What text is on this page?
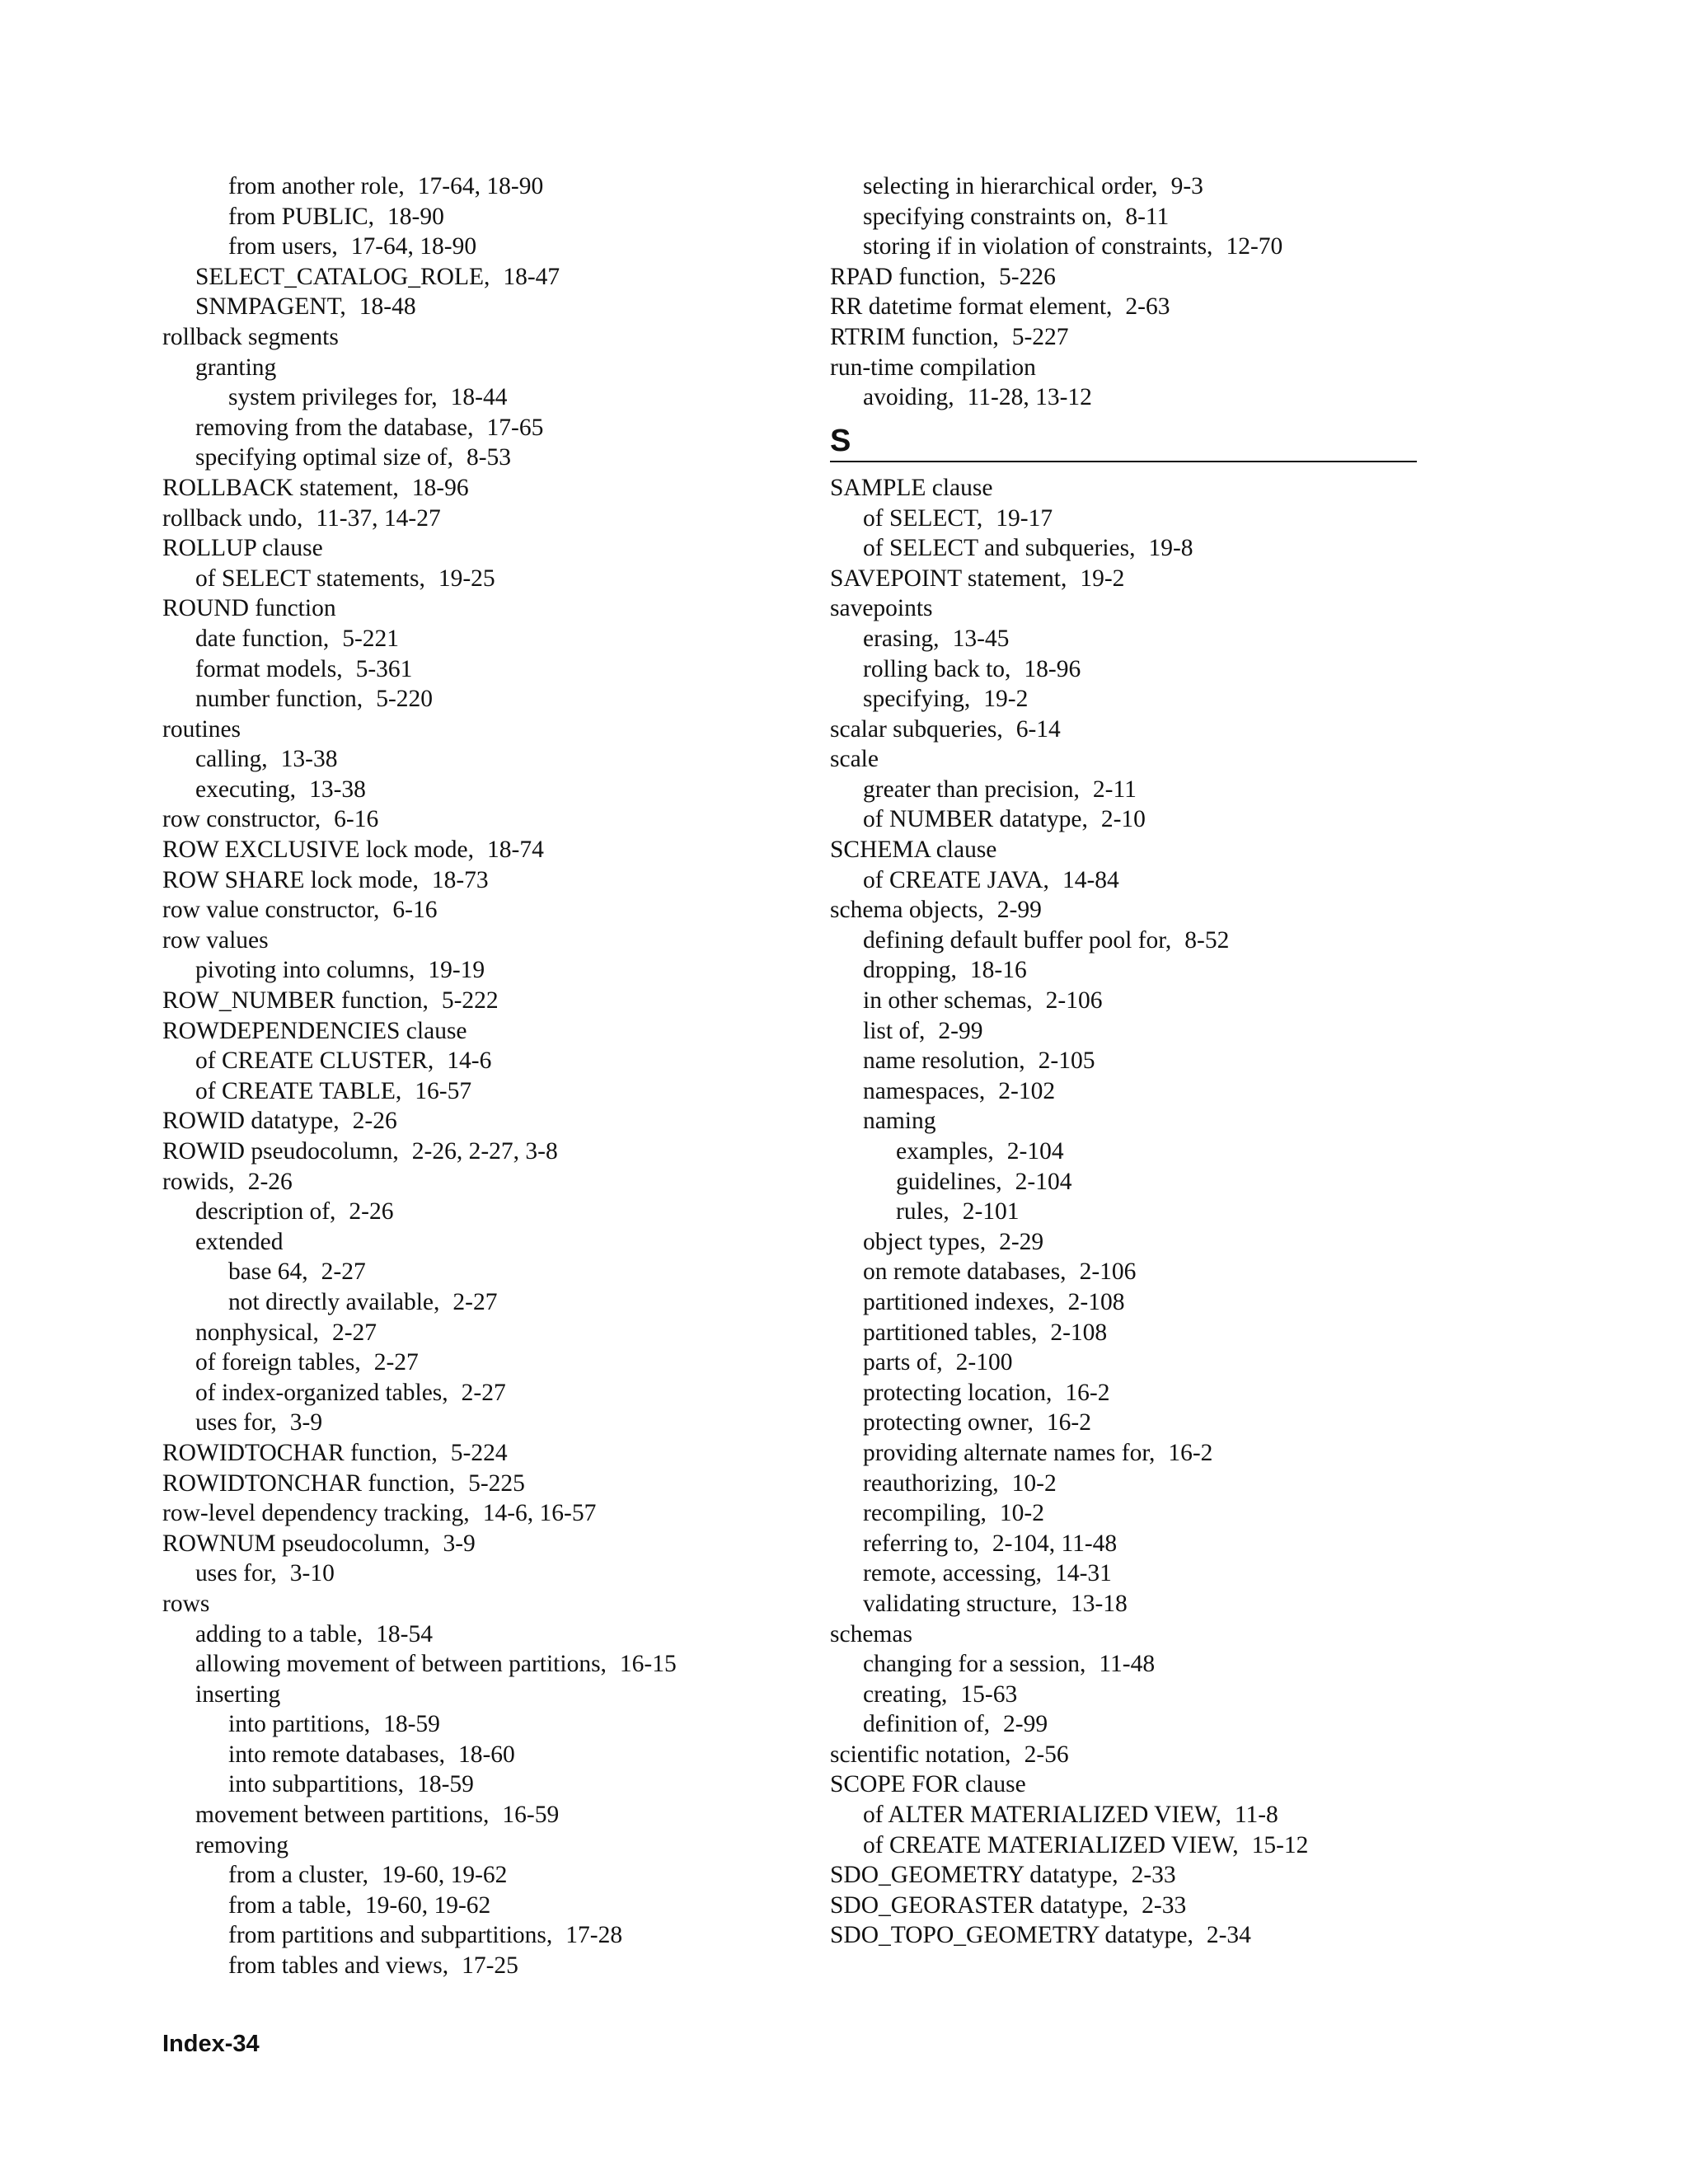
from another role, 17-64, 18-90
from PUBLIC, 18-90
from users, 17-64, 18-90
SELECT_CATALOG_ROLE, 18-47
SNMPAGENT, 18-48
rollback segments
granting
system privileges for, 18-44
removing from the database, 17-65
specifying optimal size of, 8-53
ROLLBACK statement, 18-96
rollback undo, 11-37, 14-27
ROLLUP clause
of SELECT statements, 19-25
ROUND function
date function, 5-221
format models, 5-361
number function, 5-220
routines
calling, 13-38
executing, 13-38
row constructor, 6-16
ROW EXCLUSIVE lock mode, 18-74
ROW SHARE lock mode, 18-73
row value constructor, 6-16
row values
pivoting into columns, 19-19
ROW_NUMBER function, 5-222
ROWDEPENDENCIES clause
of CREATE CLUSTER, 14-6
of CREATE TABLE, 16-57
ROWID datatype, 2-26
ROWID pseudocolumn, 2-26, 2-27, 3-8
rowids, 2-26
description of, 2-26
extended
base 64, 2-27
not directly available, 2-27
nonphysical, 2-27
of foreign tables, 2-27
of index-organized tables, 2-27
uses for, 3-9
ROWIDTOCHAR function, 5-224
ROWIDTONCHAR function, 5-225
row-level dependency tracking, 14-6, 16-57
ROWNUM pseudocolumn, 3-9
uses for, 3-10
rows
adding to a table, 18-54
allowing movement of between partitions, 16-15
inserting
into partitions, 18-59
into remote databases, 18-60
into subpartitions, 18-59
movement between partitions, 16-59
removing
from a cluster, 19-60, 19-62
from a table, 19-60, 19-62
from partitions and subpartitions, 17-28
from tables and views, 17-25
selecting in hierarchical order, 9-3
specifying constraints on, 8-11
storing if in violation of constraints, 12-70
RPAD function, 5-226
RR datetime format element, 2-63
RTRIM function, 5-227
run-time compilation
avoiding, 11-28, 13-12
S
SAMPLE clause
of SELECT, 19-17
of SELECT and subqueries, 19-8
SAVEPOINT statement, 19-2
savepoints
erasing, 13-45
rolling back to, 18-96
specifying, 19-2
scalar subqueries, 6-14
scale
greater than precision, 2-11
of NUMBER datatype, 2-10
SCHEMA clause
of CREATE JAVA, 14-84
schema objects, 2-99
defining default buffer pool for, 8-52
dropping, 18-16
in other schemas, 2-106
list of, 2-99
name resolution, 2-105
namespaces, 2-102
naming
examples, 2-104
guidelines, 2-104
rules, 2-101
object types, 2-29
on remote databases, 2-106
partitioned indexes, 2-108
partitioned tables, 2-108
parts of, 2-100
protecting location, 16-2
protecting owner, 16-2
providing alternate names for, 16-2
reauthorizing, 10-2
recompiling, 10-2
referring to, 2-104, 11-48
remote, accessing, 14-31
validating structure, 13-18
schemas
changing for a session, 11-48
creating, 15-63
definition of, 2-99
scientific notation, 2-56
SCOPE FOR clause
of ALTER MATERIALIZED VIEW, 11-8
of CREATE MATERIALIZED VIEW, 15-12
SDO_GEOMETRY datatype, 2-33
SDO_GEORASTER datatype, 2-33
SDO_TOPO_GEOMETRY datatype, 2-34
Index-34
